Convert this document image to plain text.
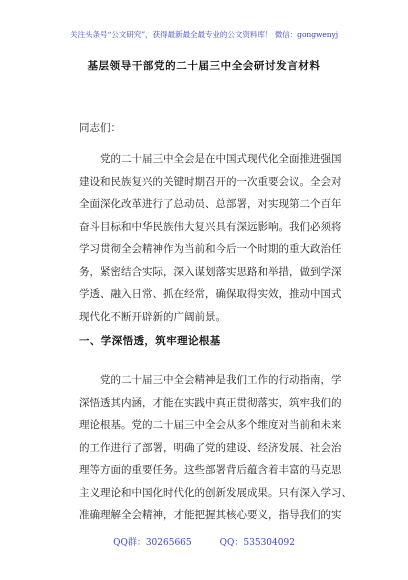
关注头条号“公文研究”，获得最新最全最专业的公文资料库！ 微信：gongwenyj
基层领导干部党的二十届三中全会研讨发言材料
同志们：
党的二十届三中全会是在中国式现代化全面推进强国
建设和民族复兴的关键时期召开的一次重要会议。全会对
全面深化改革进行了总动员、总部署，对实现第二个百年
奋斗目标和中华民族伟大复兴具有深远影响。我们必须将
学习贯彻全会精神作为当前和今后一个时期的重大政治任
务，紧密结合实际，深入谋划落实思路和举措，做到学深
学透、融入日常、抓在经常，确保取得实效，推动中国式
现代化不断开辟新的广阔前景。
一、学深悟透，筑牢理论根基
党的二十届三中全会精神是我们工作的行动指南，学
深悟透其内涵，才能在实践中真正贯彻落实，筑牢我们的
理论根基。党的二十届三中全会从多个维度对当前和未来
的工作进行了部署，明确了党的建设、经济发展、社会治
理等方面的重要任务。这些部署背后蕴含着丰富的马克思
主义理论和中国化时代化的创新发展成果。只有深入学习、
准确理解全会精神，才能把握其核心要义，指导我们的实
QQ群：30265665	QQ：535304092
